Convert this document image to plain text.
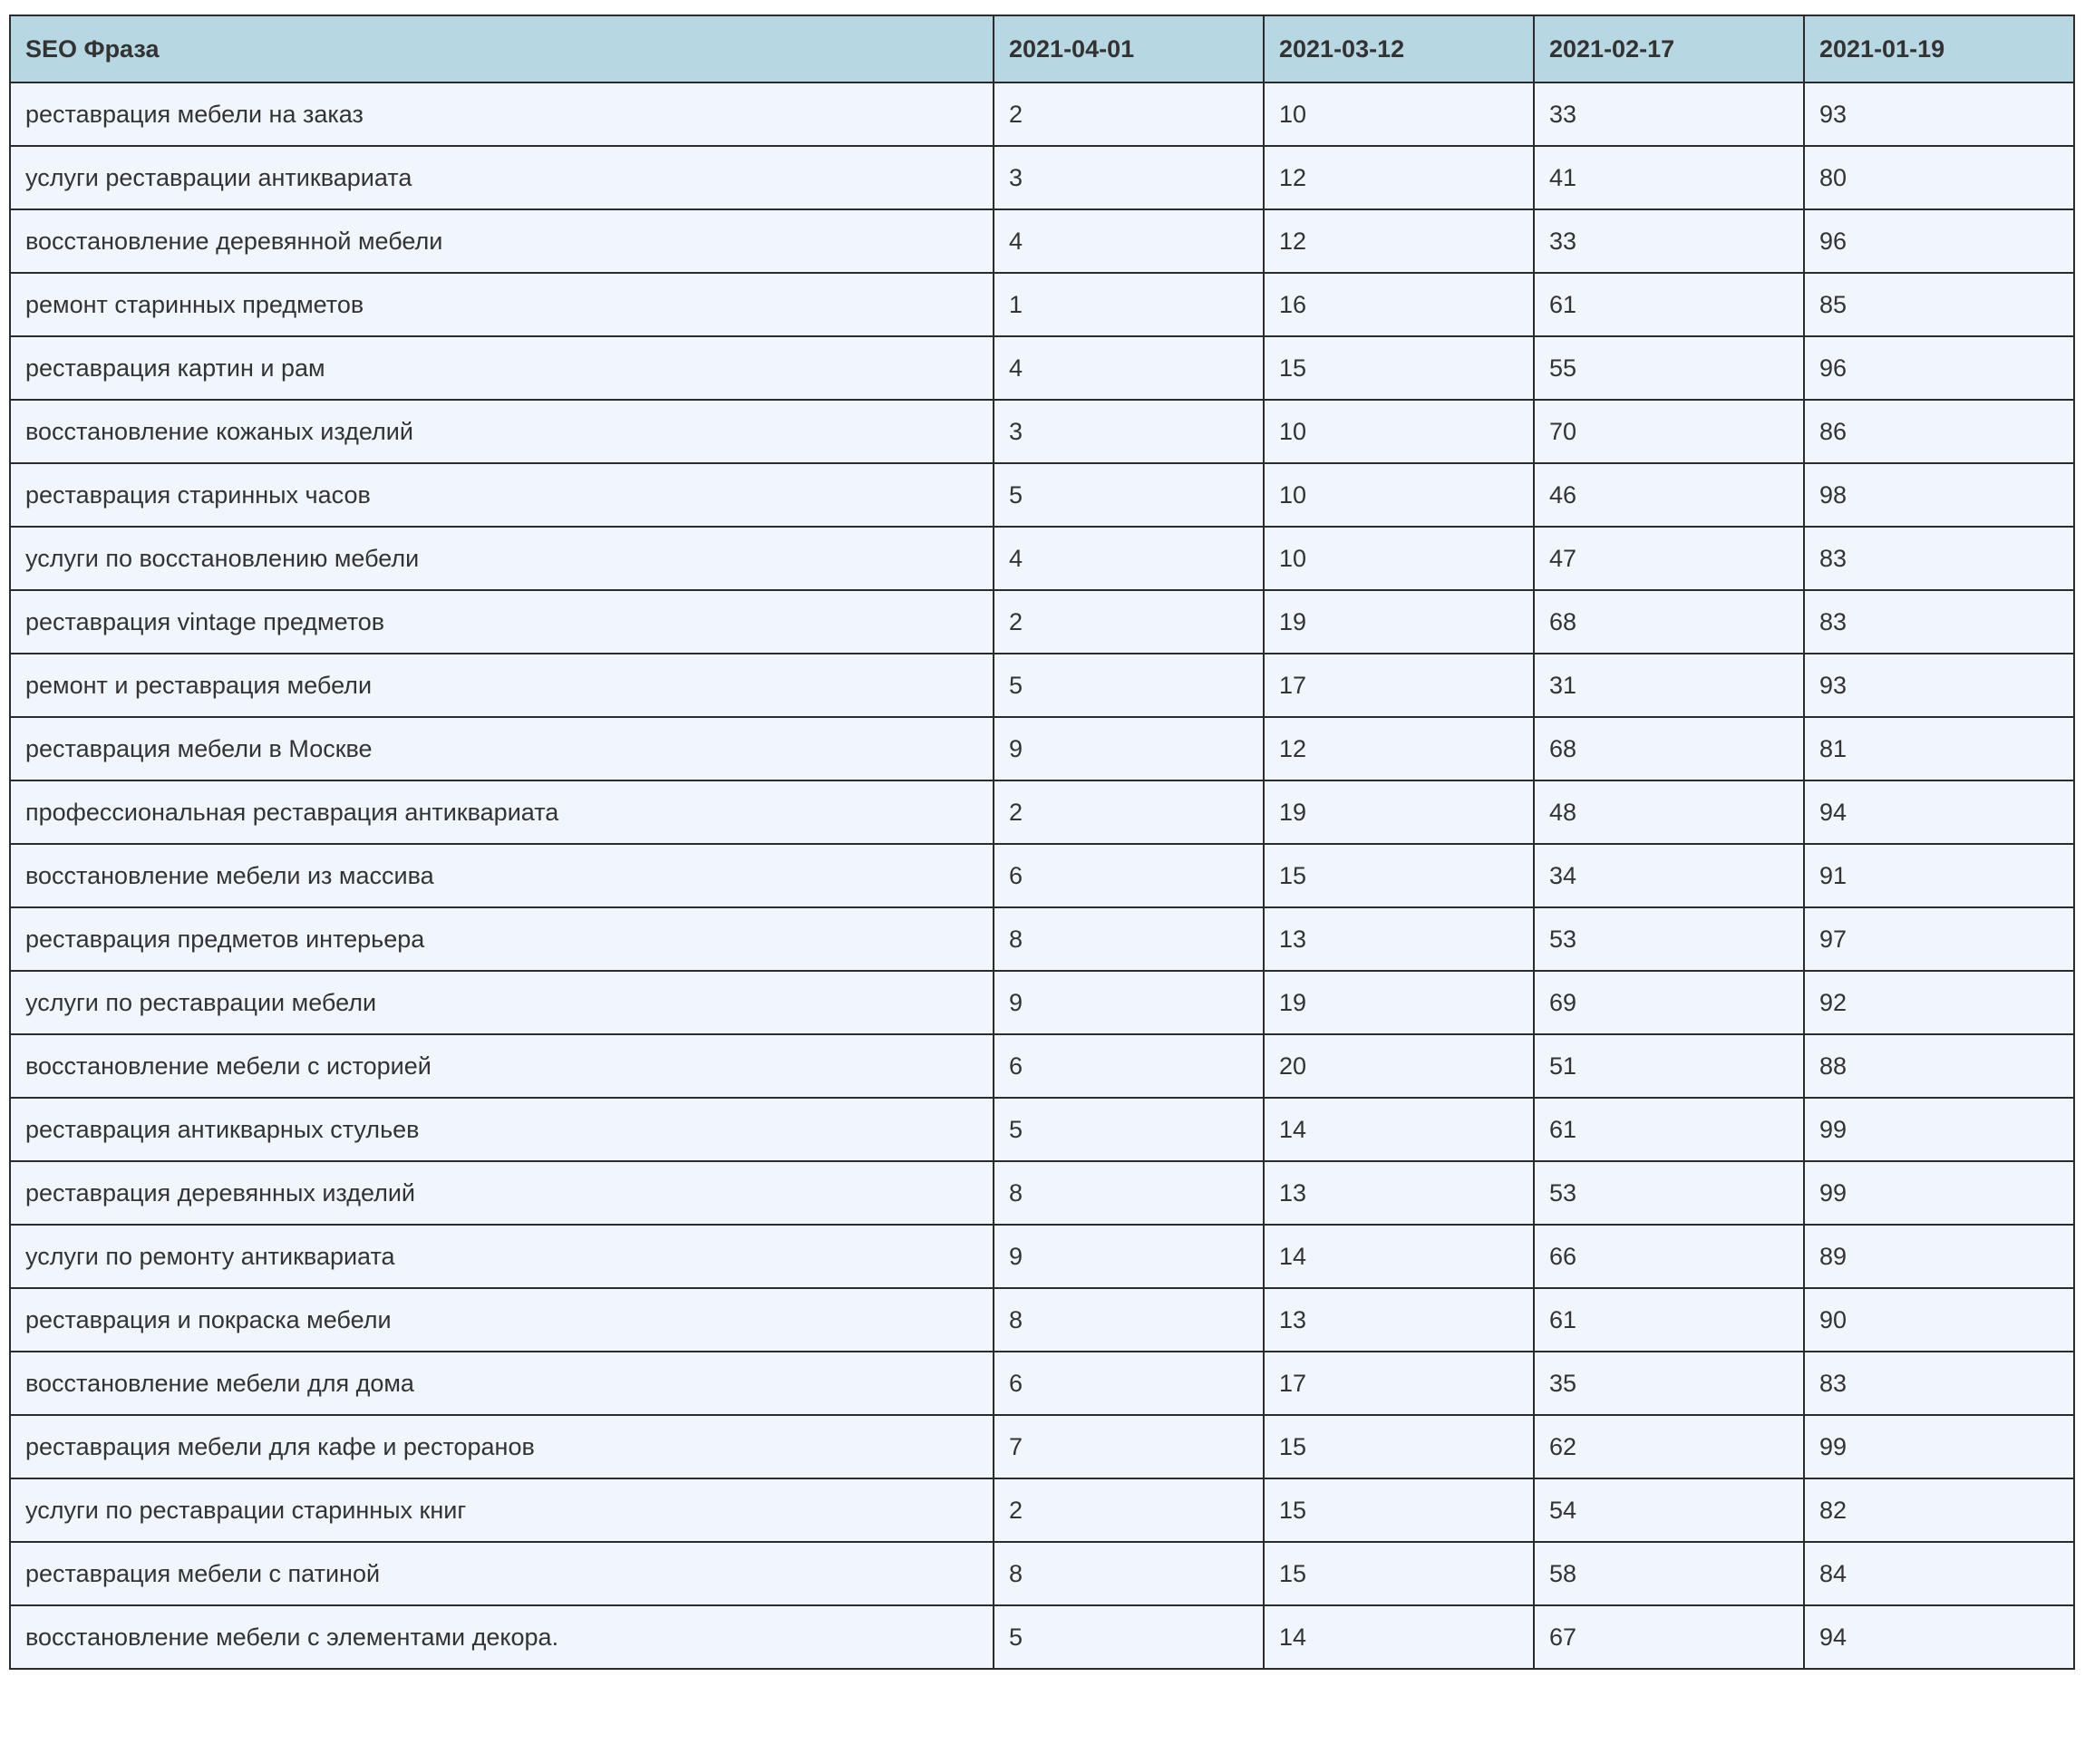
SEO Фраза	2021-04-01	2021-03-12	2021-02-17	2021-01-19
реставрация мебели на заказ	2	10	33	93
услуги реставрации антиквариата	3	12	41	80
восстановление деревянной мебели	4	12	33	96
ремонт старинных предметов	1	16	61	85
реставрация картин и рам	4	15	55	96
восстановление кожаных изделий	3	10	70	86
реставрация старинных часов	5	10	46	98
услуги по восстановлению мебели	4	10	47	83
реставрация vintage предметов	2	19	68	83
ремонт и реставрация мебели	5	17	31	93
реставрация мебели в Москве	9	12	68	81
профессиональная реставрация антиквариата	2	19	48	94
восстановление мебели из массива	6	15	34	91
реставрация предметов интерьера	8	13	53	97
услуги по реставрации мебели	9	19	69	92
восстановление мебели с историей	6	20	51	88
реставрация антикварных стульев	5	14	61	99
реставрация деревянных изделий	8	13	53	99
услуги по ремонту антиквариата	9	14	66	89
реставрация и покраска мебели	8	13	61	90
восстановление мебели для дома	6	17	35	83
реставрация мебели для кафе и ресторанов	7	15	62	99
услуги по реставрации старинных книг	2	15	54	82
реставрация мебели с патиной	8	15	58	84
восстановление мебели с элементами декора.	5	14	67	94
